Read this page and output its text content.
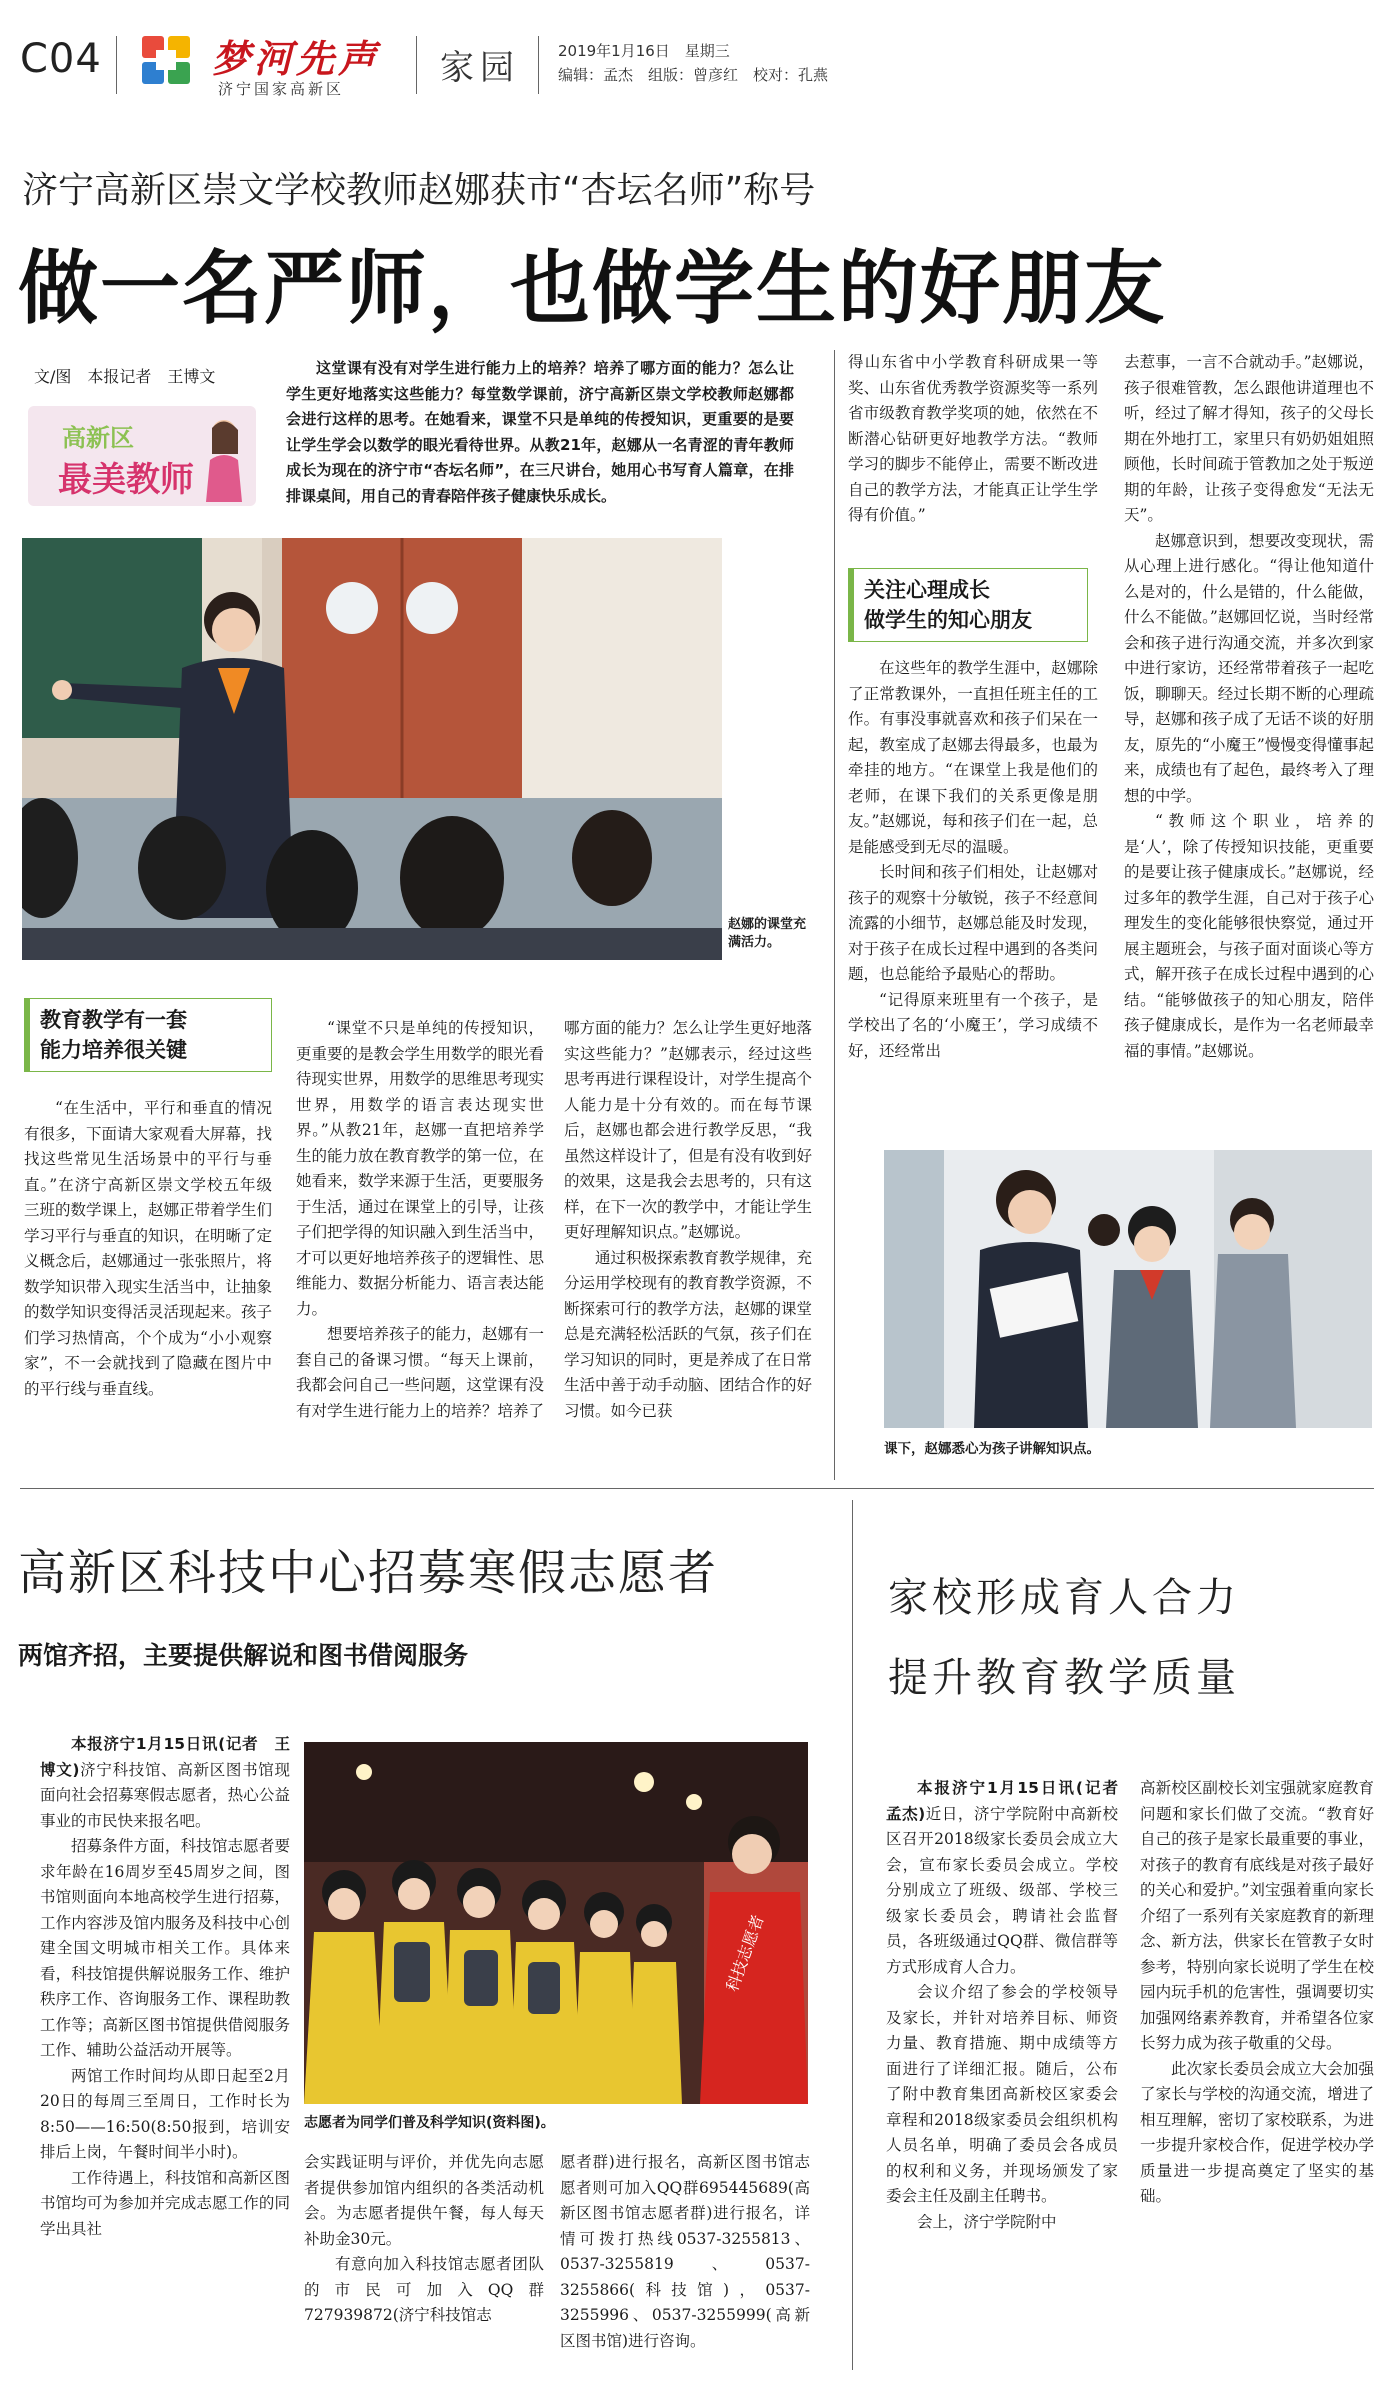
C04	梦河先声
济宁国家高新区
家园	2019年1月16日　星期三
编辑：孟杰　组版：曾彦红　校对：孔燕
济宁高新区崇文学校教师赵娜获市“杏坛名师”称号
做一名严师，也做学生的好朋友
文/图　本报记者　王博文
高新区
最美教师

这堂课有没有对学生进行能力上的培养？培养了哪方面的能力？怎么让学生更好地落实这些能力？每堂数学课前，济宁高新区崇文学校教师赵娜都会进行这样的思考。在她看来，课堂不只是单纯的传授知识，更重要的是要让学生学会以数学的眼光看待世界。从教21年，赵娜从一名青涩的青年教师成长为现在的济宁市“杏坛名师”，在三尺讲台，她用心书写育人篇章，在排排课桌间，用自己的青春陪伴孩子健康快乐成长。

赵娜的课堂充满活力。
教育教学有一套
能力培养很关键

“在生活中，平行和垂直的情况有很多，下面请大家观看大屏幕，找找这些常见生活场景中的平行与垂直。”在济宁高新区崇文学校五年级三班的数学课上，赵娜正带着学生们学习平行与垂直的知识，在明晰了定义概念后，赵娜通过一张张照片，将数学知识带入现实生活当中，让抽象的数学知识变得活灵活现起来。孩子们学习热情高，个个成为“小小观察家”，不一会就找到了隐藏在图片中的平行线与垂直线。

“课堂不只是单纯的传授知识，更重要的是教会学生用数学的眼光看待现实世界，用数学的思维思考现实世界，用数学的语言表达现实世界。”从教21年，赵娜一直把培养学生的能力放在教育教学的第一位，在她看来，数学来源于生活，更要服务于生活，通过在课堂上的引导，让孩子们把学得的知识融入到生活当中，才可以更好地培养孩子的逻辑性、思维能力、数据分析能力、语言表达能力。

想要培养孩子的能力，赵娜有一套自己的备课习惯。“每天上课前，我都会问自己一些问题，这堂课有没有对学生进行能力上的培养？培养了

哪方面的能力？怎么让学生更好地落实这些能力？”赵娜表示，经过这些思考再进行课程设计，对学生提高个人能力是十分有效的。而在每节课后，赵娜也都会进行教学反思，“我虽然这样设计了，但是有没有收到好的效果，这是我会去思考的，只有这样，在下一次的教学中，才能让学生更好理解知识点。”赵娜说。

通过积极探索教育教学规律，充分运用学校现有的教育教学资源，不断探索可行的教学方法，赵娜的课堂总是充满轻松活跃的气氛，孩子们在学习知识的同时，更是养成了在日常生活中善于动手动脑、团结合作的好习惯。如今已获

得山东省中小学教育科研成果一等奖、山东省优秀教学资源奖等一系列省市级教育教学奖项的她，依然在不断潜心钻研更好地教学方法。“教师学习的脚步不能停止，需要不断改进自己的教学方法，才能真正让学生学得有价值。”

关注心理成长
做学生的知心朋友

在这些年的教学生涯中，赵娜除了正常教课外，一直担任班主任的工作。有事没事就喜欢和孩子们呆在一起，教室成了赵娜去得最多，也最为牵挂的地方。“在课堂上我是他们的老师，在课下我们的关系更像是朋友。”赵娜说，每和孩子们在一起，总是能感受到无尽的温暖。

长时间和孩子们相处，让赵娜对孩子的观察十分敏锐，孩子不经意间流露的小细节，赵娜总能及时发现，对于孩子在成长过程中遇到的各类问题，也总能给予最贴心的帮助。

“记得原来班里有一个孩子，是学校出了名的‘小魔王’，学习成绩不好，还经常出

去惹事，一言不合就动手。”赵娜说，孩子很难管教，怎么跟他讲道理也不听，经过了解才得知，孩子的父母长期在外地打工，家里只有奶奶姐姐照顾他，长时间疏于管教加之处于叛逆期的年龄，让孩子变得愈发“无法无天”。

赵娜意识到，想要改变现状，需从心理上进行感化。“得让他知道什么是对的，什么是错的，什么能做，什么不能做。”赵娜回忆说，当时经常会和孩子进行沟通交流，并多次到家中进行家访，还经常带着孩子一起吃饭，聊聊天。经过长期不断的心理疏导，赵娜和孩子成了无话不谈的好朋友，原先的“小魔王”慢慢变得懂事起来，成绩也有了起色，最终考入了理想的中学。

“教师这个职业，培养的是‘人’，除了传授知识技能，更重要的是要让孩子健康成长。”赵娜说，经过多年的教学生涯，自己对于孩子心理发生的变化能够很快察觉，通过开展主题班会，与孩子面对面谈心等方式，解开孩子在成长过程中遇到的心结。“能够做孩子的知心朋友，陪伴孩子健康成长，是作为一名老师最幸福的事情。”赵娜说。

课下，赵娜悉心为孩子讲解知识点。
高新区科技中心招募寒假志愿者
两馆齐招，主要提供解说和图书借阅服务

本报济宁1月15日讯(记者　王博文)济宁科技馆、高新区图书馆现面向社会招募寒假志愿者，热心公益事业的市民快来报名吧。

招募条件方面，科技馆志愿者要求年龄在16周岁至45周岁之间，图书馆则面向本地高校学生进行招募，工作内容涉及馆内服务及科技中心创建全国文明城市相关工作。具体来看，科技馆提供解说服务工作、维护秩序工作、咨询服务工作、课程助教工作等；高新区图书馆提供借阅服务工作、辅助公益活动开展等。

两馆工作时间均从即日起至2月20日的每周三至周日，工作时长为8:50——16:50(8:50报到，培训安排后上岗，午餐时间半小时)。

工作待遇上，科技馆和高新区图书馆均可为参加并完成志愿工作的同学出具社

科技志愿者
志愿者为同学们普及科学知识(资料图)。

会实践证明与评价，并优先向志愿者提供参加馆内组织的各类活动机会。为志愿者提供午餐，每人每天补助金30元。

有意向加入科技馆志愿者团队的市民可加入QQ群727939872(济宁科技馆志

愿者群)进行报名，高新区图书馆志愿者则可加入QQ群695445689(高新区图书馆志愿者群)进行报名，详情可拨打热线0537-3255813、0537-3255819、0537-3255866(科技馆)，0537-3255996、0537-3255999(高新区图书馆)进行咨询。

家校形成育人合力
提升教育教学质量

本报济宁1月15日讯(记者　孟杰)近日，济宁学院附中高新校区召开2018级家长委员会成立大会，宣布家长委员会成立。学校分别成立了班级、级部、学校三级家长委员会，聘请社会监督员，各班级通过QQ群、微信群等方式形成育人合力。

会议介绍了参会的学校领导及家长，并针对培养目标、师资力量、教育措施、期中成绩等方面进行了详细汇报。随后，公布了附中教育集团高新校区家委会章程和2018级家委员会组织机构人员名单，明确了委员会各成员的权利和义务，并现场颁发了家委会主任及副主任聘书。

会上，济宁学院附中

高新校区副校长刘宝强就家庭教育问题和家长们做了交流。“教育好自己的孩子是家长最重要的事业，对孩子的教育有底线是对孩子最好的关心和爱护。”刘宝强着重向家长介绍了一系列有关家庭教育的新理念、新方法，供家长在管教子女时参考，特别向家长说明了学生在校园内玩手机的危害性，强调要切实加强网络素养教育，并希望各位家长努力成为孩子敬重的父母。

此次家长委员会成立大会加强了家长与学校的沟通交流，增进了相互理解，密切了家校联系，为进一步提升家校合作，促进学校办学质量进一步提高奠定了坚实的基础。
